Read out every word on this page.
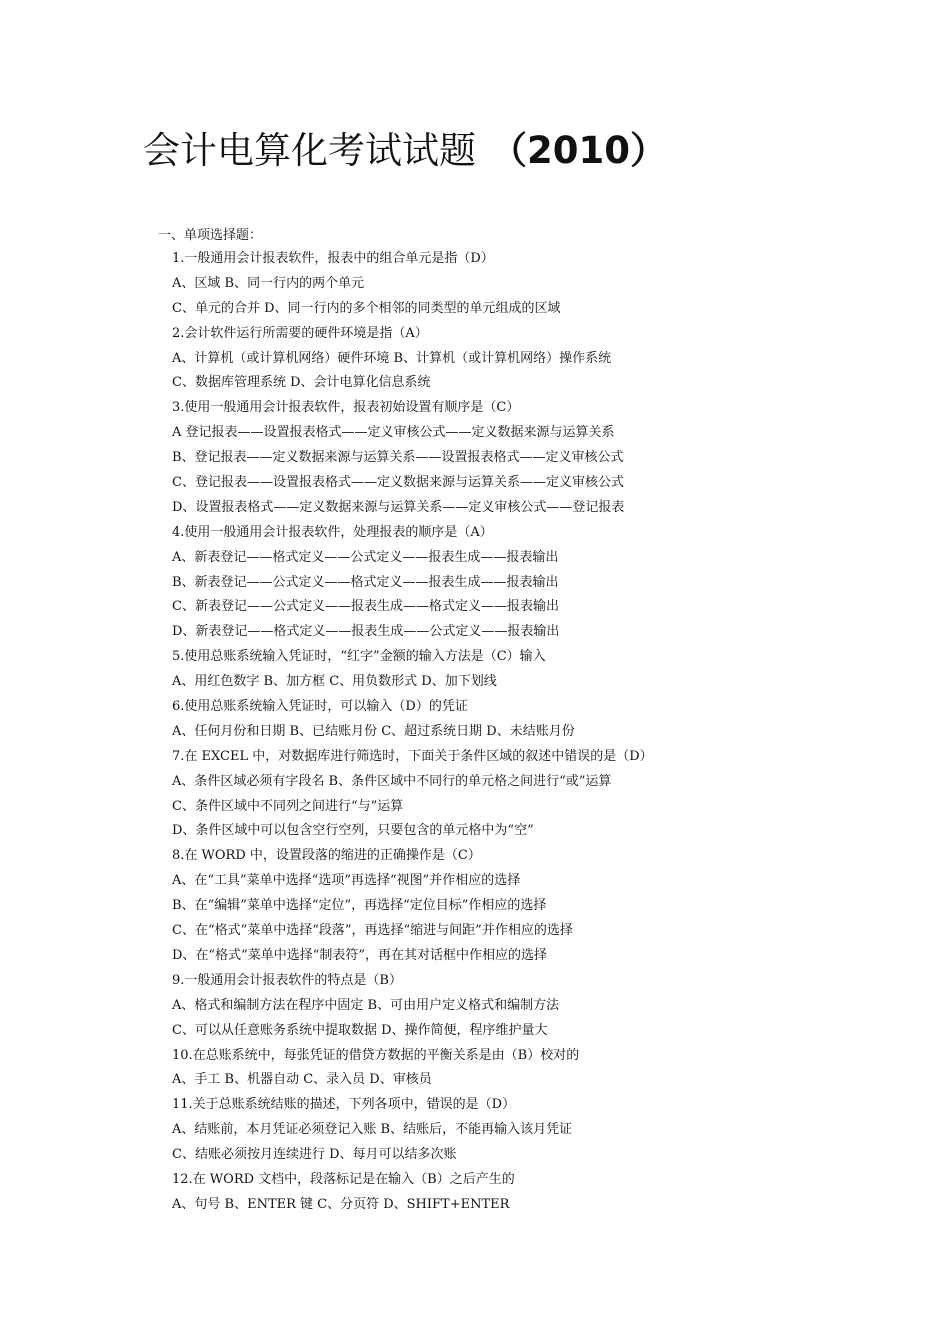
会计电算化考试试题 （2010）

一、单项选择题：

1.一般通用会计报表软件，报表中的组合单元是指（D）
A、区域 B、同一行内的两个单元
C、单元的合并 D、同一行内的多个相邻的同类型的单元组成的区域
2.会计软件运行所需要的硬件环境是指（A）
A、计算机（或计算机网络）硬件环境 B、计算机（或计算机网络）操作系统
C、数据库管理系统 D、会计电算化信息系统
3.使用一般通用会计报表软件，报表初始设置有顺序是（C）
A 登记报表——设置报表格式——定义审核公式——定义数据来源与运算关系
B、登记报表——定义数据来源与运算关系——设置报表格式——定义审核公式
C、登记报表——设置报表格式——定义数据来源与运算关系——定义审核公式
D、设置报表格式——定义数据来源与运算关系——定义审核公式——登记报表
4.使用一般通用会计报表软件，处理报表的顺序是（A）
A、新表登记——格式定义——公式定义——报表生成——报表输出
B、新表登记——公式定义——格式定义——报表生成——报表输出
C、新表登记——公式定义——报表生成——格式定义——报表输出
D、新表登记——格式定义——报表生成——公式定义——报表输出
5.使用总账系统输入凭证时，“红字”金额的输入方法是（C）输入
A、用红色数字 B、加方框 C、用负数形式 D、加下划线
6.使用总账系统输入凭证时，可以输入（D）的凭证
A、任何月份和日期 B、已结账月份 C、超过系统日期 D、未结账月份
7.在 EXCEL 中，对数据库进行筛选时，下面关于条件区域的叙述中错误的是（D）
A、条件区域必须有字段名 B、条件区域中不同行的单元格之间进行“或”运算
C、条件区域中不同列之间进行“与”运算
D、条件区域中可以包含空行空列，只要包含的单元格中为“空”
8.在 WORD 中，设置段落的缩进的正确操作是（C）
A、在“工具”菜单中选择“选项”再选择“视图”并作相应的选择
B、在“编辑”菜单中选择“定位”，再选择“定位目标”作相应的选择
C、在“格式”菜单中选择“段落”，再选择“缩进与间距”并作相应的选择
D、在“格式”菜单中选择“制表符”，再在其对话框中作相应的选择
9.一般通用会计报表软件的特点是（B）
A、格式和编制方法在程序中固定 B、可由用户定义格式和编制方法
C、可以从任意账务系统中提取数据 D、操作简便，程序维护量大
10.在总账系统中，每张凭证的借贷方数据的平衡关系是由（B）校对的
A、手工 B、机器自动 C、录入员 D、审核员
11.关于总账系统结账的描述，下列各项中，错误的是（D）
A、结账前，本月凭证必须登记入账 B、结账后，不能再输入该月凭证
C、结账必须按月连续进行 D、每月可以结多次账
12.在 WORD 文档中，段落标记是在输入（B）之后产生的
A、句号 B、ENTER 键 C、分页符 D、SHIFT+ENTER
